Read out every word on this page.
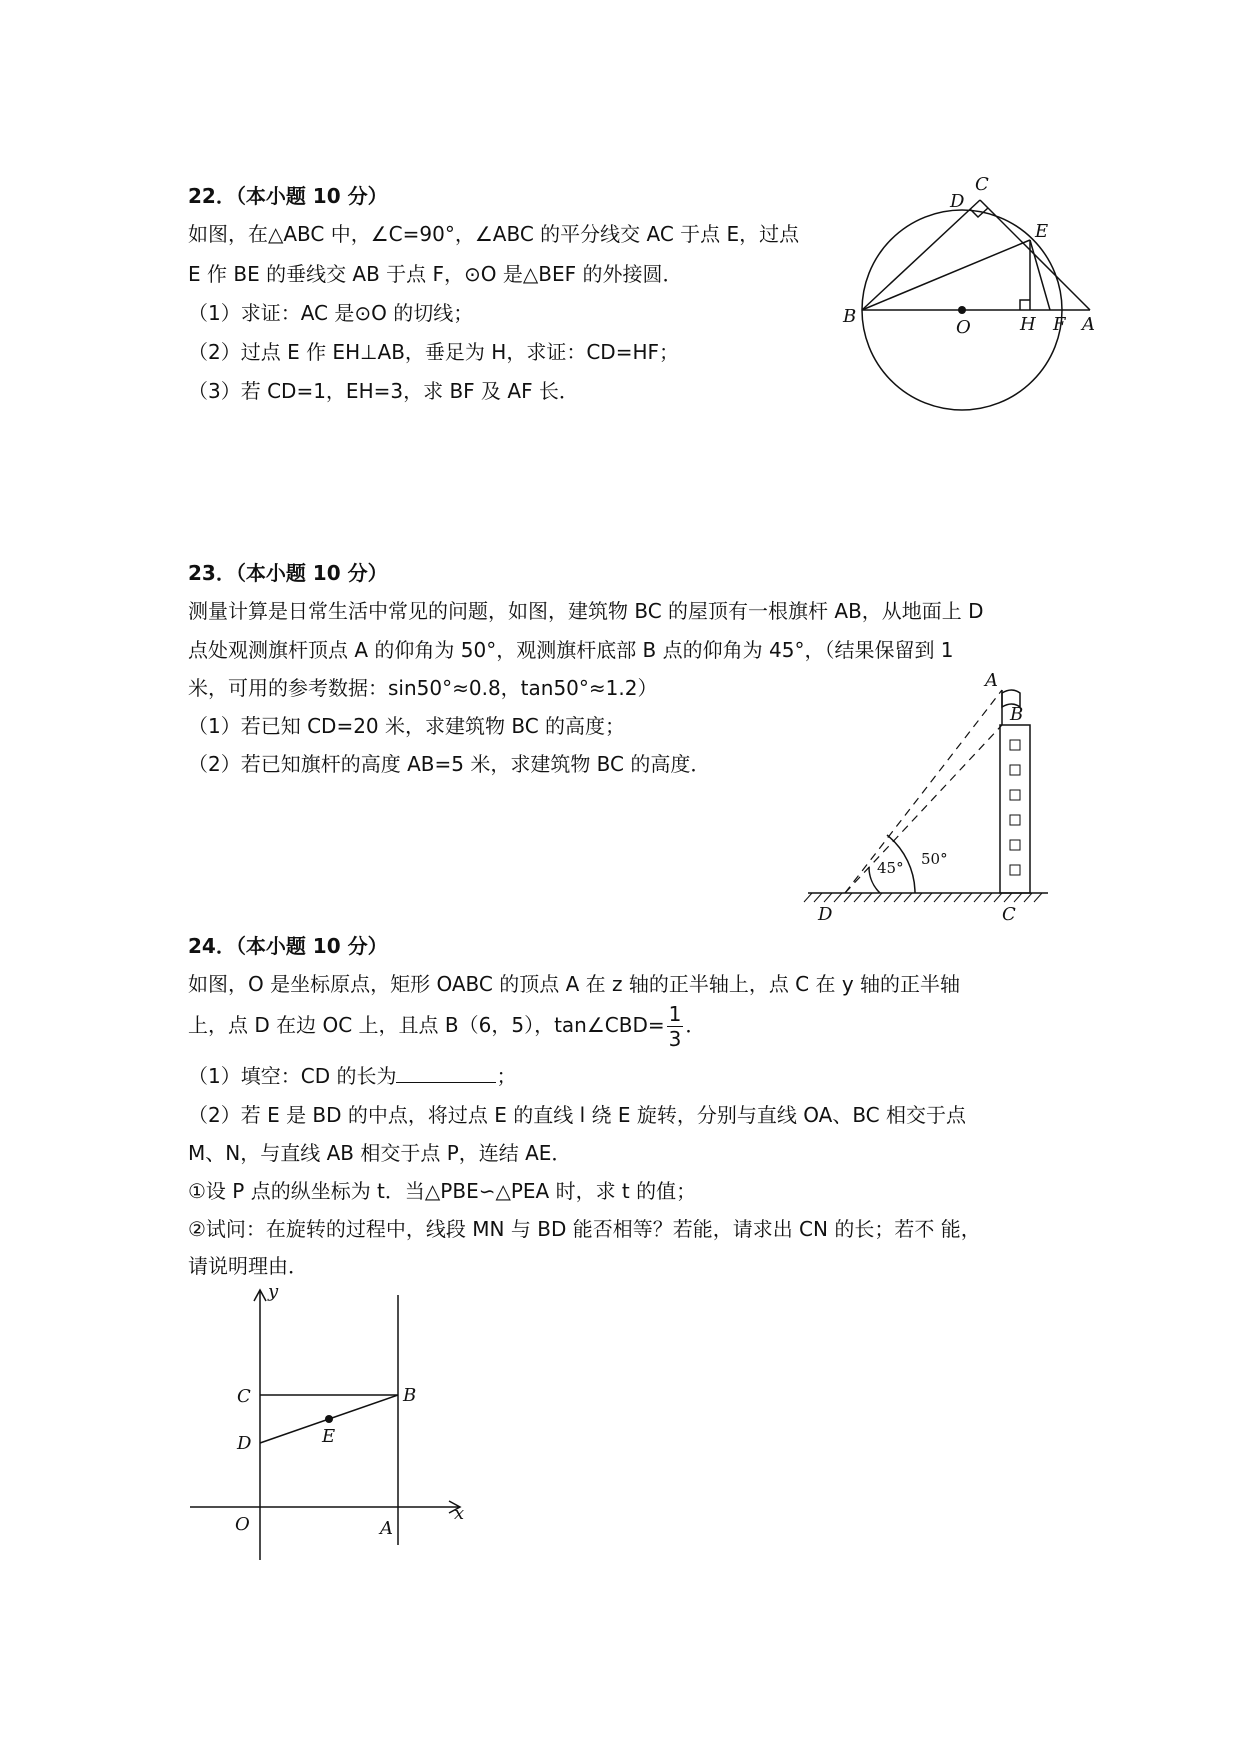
22．（本小题 10 分）
如图，在△ABC 中，∠C=90°，∠ABC 的平分线交 AC 于点 E，过点
E 作 BE 的垂线交 AB 于点 F，⊙O 是△BEF 的外接圆．
（1）求证：AC 是⊙O 的切线；
（2）过点 E 作 EH⊥AB，垂足为 H，求证：CD=HF；
（3）若 CD=1，EH=3，求 BF 及 AF 长．
C
D
E
B
O	H F A
23．（本小题 10 分）
测量计算是日常生活中常见的问题，如图，建筑物 BC 的屋顶有一根旗杆 AB，从地面上 D
点处观测旗杆顶点 A 的仰角为 50°，观测旗杆底部 B 点的仰角为 45°，（结果保留到 1
米，可用的参考数据：sin50°≈0.8，tan50°≈1.2）
（1）若已知 CD=20 米，求建筑物 BC 的高度；
（2）若已知旗杆的高度 AB=5 米，求建筑物 BC 的高度．
A
B
C
D
45° 50°
24．（本小题 10 分）
如图，O 是坐标原点，矩形 OABC 的顶点 A 在 z 轴的正半轴上，点 C 在 y 轴的正半轴
上，点 D 在边 OC 上，且点 B（6，5），tan∠CBD= $\frac{1}{3}$ ．
（1）填空：CD 的长为	；
（2）若 E 是 BD 的中点，将过点 E 的直线 l 绕 E 旋转，分别与直线 OA、BC 相交于点
M、N，与直线 AB 相交于点 P，连结 AE．
①设 P 点的纵坐标为 t．当△PBE∽△PEA 时，求 t 的值；
②试问：在旋转的过程中，线段 MN 与 BD 能否相等？若能，请求出 CN 的长；若不 能，
请说明理由．
y
x
O	A
B
C
D	E
